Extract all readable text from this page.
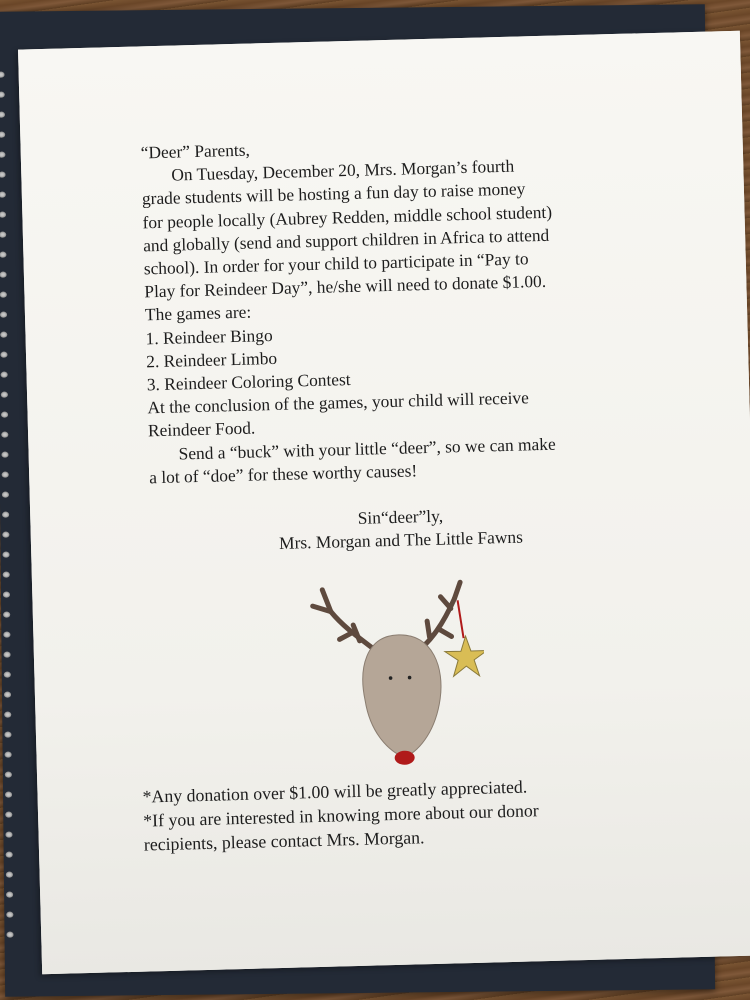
“Deer” Parents,

On Tuesday, December 20, Mrs. Morgan’s fourth

grade students will be hosting a fun day to raise money

for people locally (Aubrey Redden, middle school student)

and globally (send and support children in Africa to attend

school). In order for your child to participate in “Pay to

Play for Reindeer Day”, he/she will need to donate $1.00.

The games are:

1. Reindeer Bingo

2. Reindeer Limbo

3. Reindeer Coloring Contest

At the conclusion of the games, your child will receive

Reindeer Food.

Send a “buck” with your little “deer”, so we can make

a lot of “doe” for these worthy causes!

Sin“deer”ly,

Mrs. Morgan and The Little Fawns

*Any donation over $1.00 will be greatly appreciated.

*If you are interested in knowing more about our donor

recipients, please contact Mrs. Morgan.
